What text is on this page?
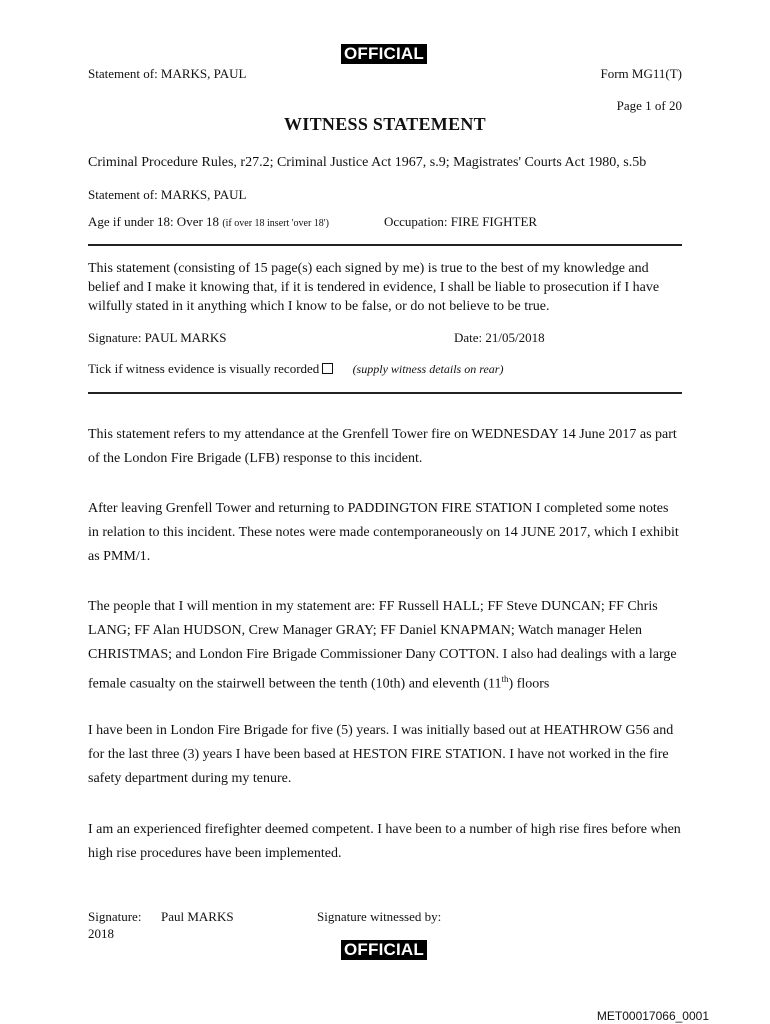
OFFICIAL
Statement of: MARKS, PAUL	Form MG11(T)
Page 1 of 20
WITNESS STATEMENT
Criminal Procedure Rules, r27.2; Criminal Justice Act 1967, s.9; Magistrates' Courts Act 1980, s.5b
Statement of: MARKS, PAUL
Age if under 18: Over 18 (if over 18 insert 'over 18')	Occupation: FIRE FIGHTER
This statement (consisting of 15 page(s) each signed by me) is true to the best of my knowledge and belief and I make it knowing that, if it is tendered in evidence, I shall be liable to prosecution if I have wilfully stated in it anything which I know to be false, or do not believe to be true.
Signature: PAUL MARKS	Date: 21/05/2018
Tick if witness evidence is visually recorded	(supply witness details on rear)
This statement refers to my attendance at the Grenfell Tower fire on WEDNESDAY 14 June 2017 as part of the London Fire Brigade (LFB) response to this incident.
After leaving Grenfell Tower and returning to PADDINGTON FIRE STATION I completed some notes in relation to this incident. These notes were made contemporaneously on 14 JUNE 2017, which I exhibit as PMM/1.
The people that I will mention in my statement are: FF Russell HALL; FF Steve DUNCAN; FF Chris LANG; FF Alan HUDSON, Crew Manager GRAY; FF Daniel KNAPMAN; Watch manager Helen CHRISTMAS; and London Fire Brigade Commissioner Dany COTTON. I also had dealings with a large female casualty on the stairwell between the tenth (10th) and eleventh (11th) floors
I have been in London Fire Brigade for five (5) years. I was initially based out at HEATHROW G56 and for the last three (3) years I have been based at HESTON FIRE STATION. I have not worked in the fire safety department during my tenure.
I am an experienced firefighter deemed competent. I have been to a number of high rise fires before when high rise procedures have been implemented.
Signature: Paul MARKS
2018
Signature witnessed by:
OFFICIAL
MET00017066_0001
